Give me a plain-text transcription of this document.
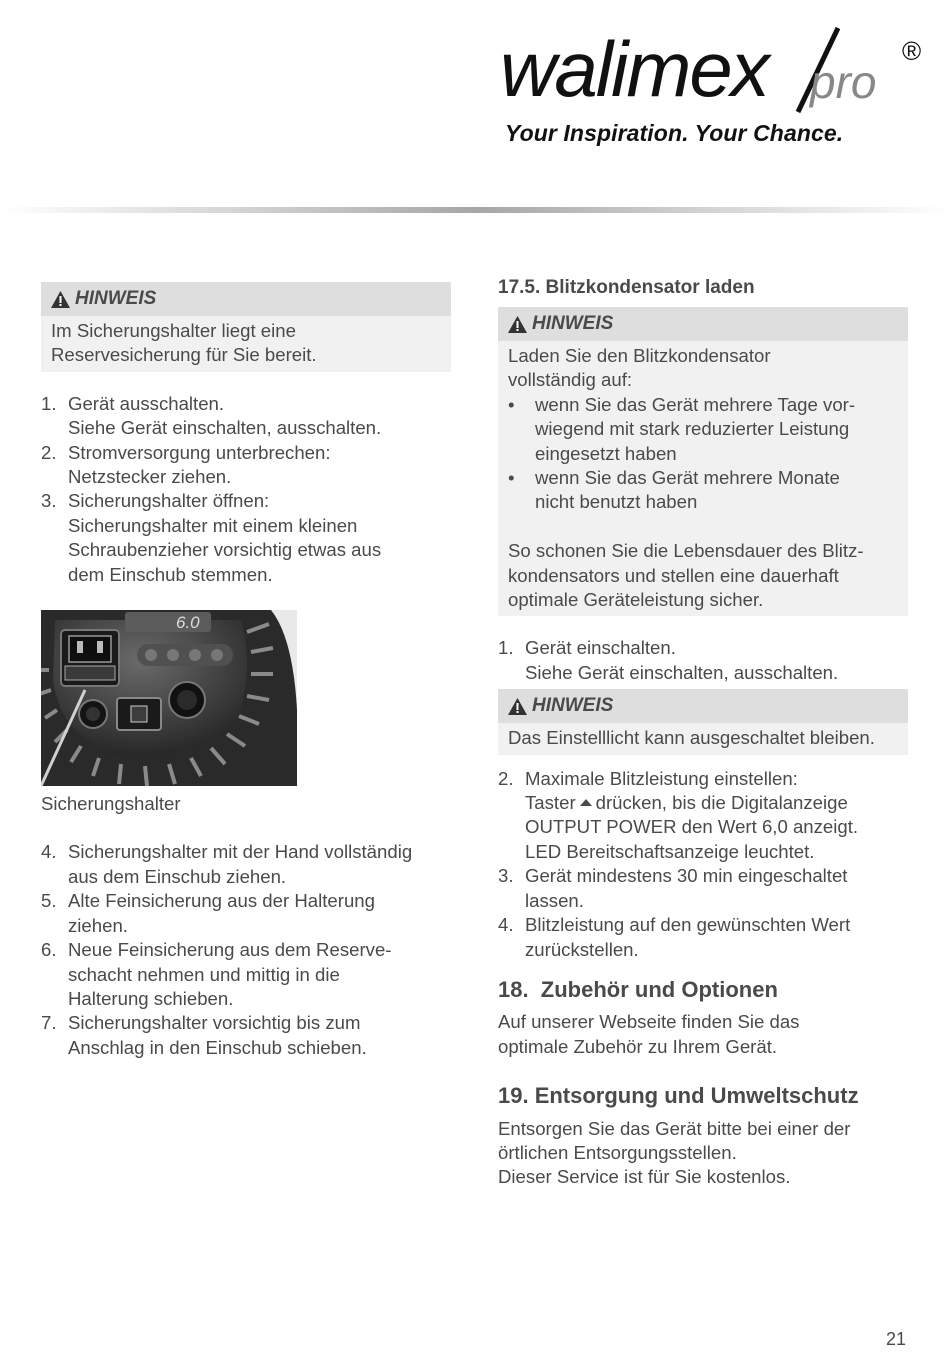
walimex pro
®
Your Inspiration. Your Chance.
HINWEIS

Im Sicherungshalter liegt eine

Reservesicherung für Sie bereit.

1. Gerät ausschalten.
Siehe Gerät einschalten, ausschalten.
2. Stromversorgung unterbrechen:
Netzstecker ziehen.
3. Sicherungshalter öffnen:
Sicherungshalter mit einem kleinen
Schraubenzieher vorsichtig etwas aus
dem Einschub stemmen.
6.0
Sicherungshalter
4. Sicherungshalter mit der Hand vollständig
aus dem Einschub ziehen.
5. Alte Feinsicherung aus der Halterung
ziehen.
6. Neue Feinsicherung aus dem Reserve-
schacht nehmen und mittig in die
Halterung schieben.
7. Sicherungshalter vorsichtig bis zum
Anschlag in den Einschub schieben.
17.5. Blitzkondensator laden
HINWEIS

Laden Sie den Blitzkondensator

vollständig auf:

•	wenn Sie das Gerät mehrere Tage vor-
wiegend mit stark reduzierter Leistung
eingesetzt haben
•	wenn Sie das Gerät mehrere Monate
nicht benutzt haben

So schonen Sie die Lebensdauer des Blitz-

kondensators und stellen eine dauerhaft

optimale Geräteleistung sicher.

1. Gerät einschalten.
Siehe Gerät einschalten, ausschalten.
HINWEIS

Das Einstelllicht kann ausgeschaltet bleiben.

2. Maximale Blitzleistung einstellen:
Taster drücken, bis die Digitalanzeige
OUTPUT POWER den Wert 6,0 anzeigt.
LED Bereitschaftsanzeige leuchtet.
3. Gerät mindestens 30 min eingeschaltet
lassen.
4. Blitzleistung auf den gewünschten Wert
zurückstellen.
18.  Zubehör und Optionen
Auf unserer Webseite finden Sie das
optimale Zubehör zu Ihrem Gerät.
19. Entsorgung und Umweltschutz
Entsorgen Sie das Gerät bitte bei einer der
örtlichen Entsorgungsstellen.
Dieser Service ist für Sie kostenlos.
21
